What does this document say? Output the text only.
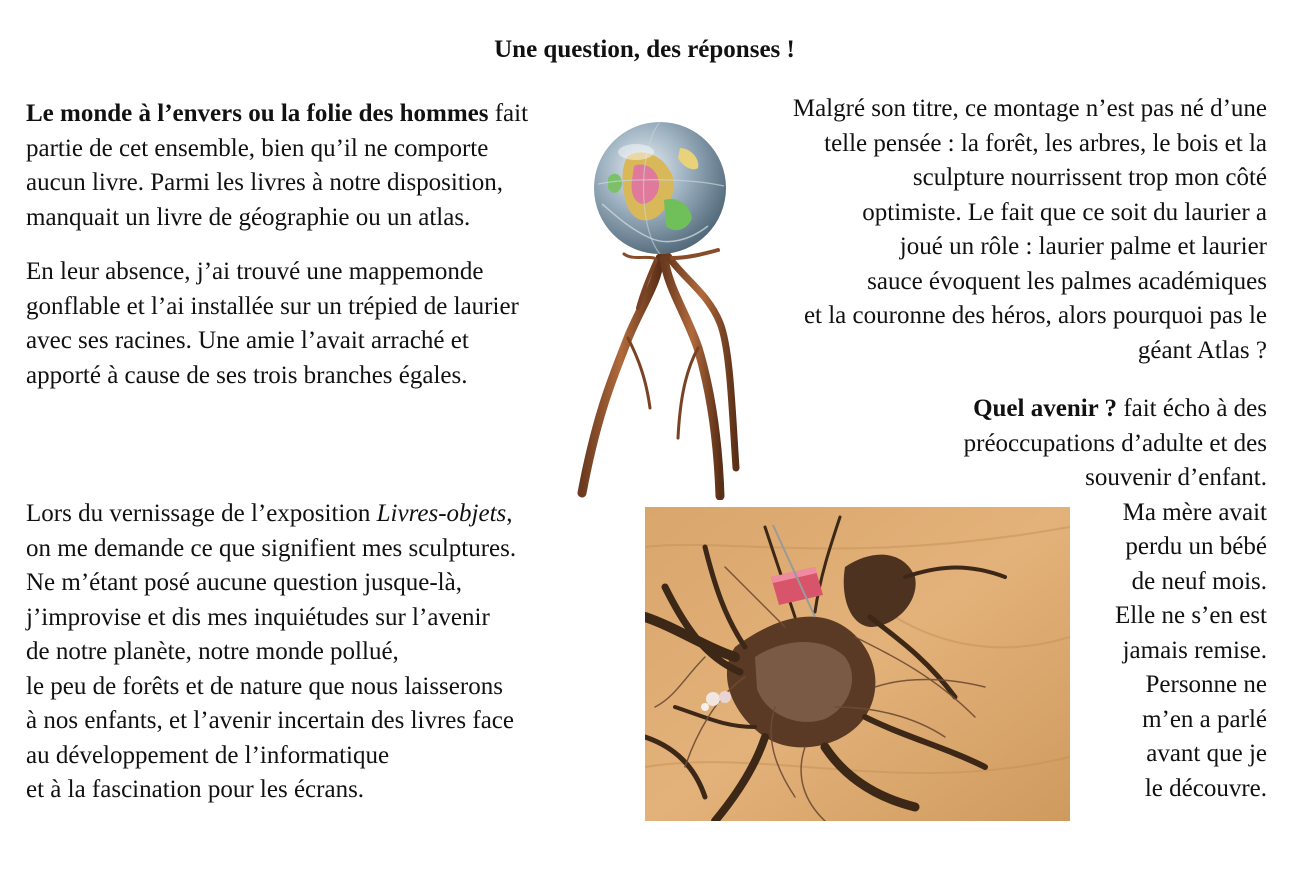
Une question, des réponses !
Le monde à l’envers ou la folie des hommes fait
partie de cet ensemble, bien qu’il ne comporte
aucun livre. Parmi les livres à notre disposition,
manquait un livre de géographie ou un atlas.
En leur absence, j’ai trouvé une mappemonde
gonflable et l’ai installée sur un trépied de laurier
avec ses racines. Une amie l’avait arraché et
apporté à cause de ses trois branches égales.
Lors du vernissage de l’exposition Livres-objets,
on me demande ce que signifient mes sculptures.
Ne m’étant posé aucune question jusque-là,
j’improvise et dis mes inquiétudes sur l’avenir
de notre planète, notre monde pollué,
le peu de forêts et de nature que nous laisserons
à nos enfants, et l’avenir incertain des livres face
au développement de l’informatique
et à la fascination pour les écrans.
Malgré son titre, ce montage n’est pas né d’une
telle pensée : la forêt, les arbres, le bois et la
sculpture nourrissent trop mon côté
optimiste. Le fait que ce soit du laurier a
joué un rôle : laurier palme et laurier
sauce évoquent les palmes académiques
et la couronne des héros, alors pourquoi pas le
géant Atlas ?
Quel avenir ? fait écho à des
préoccupations d’adulte et des
souvenir d’enfant.
Ma mère avait
perdu un bébé
de neuf mois.
Elle ne s’en est
jamais remise.
Personne ne
m’en a parlé
avant que je
le découvre.
